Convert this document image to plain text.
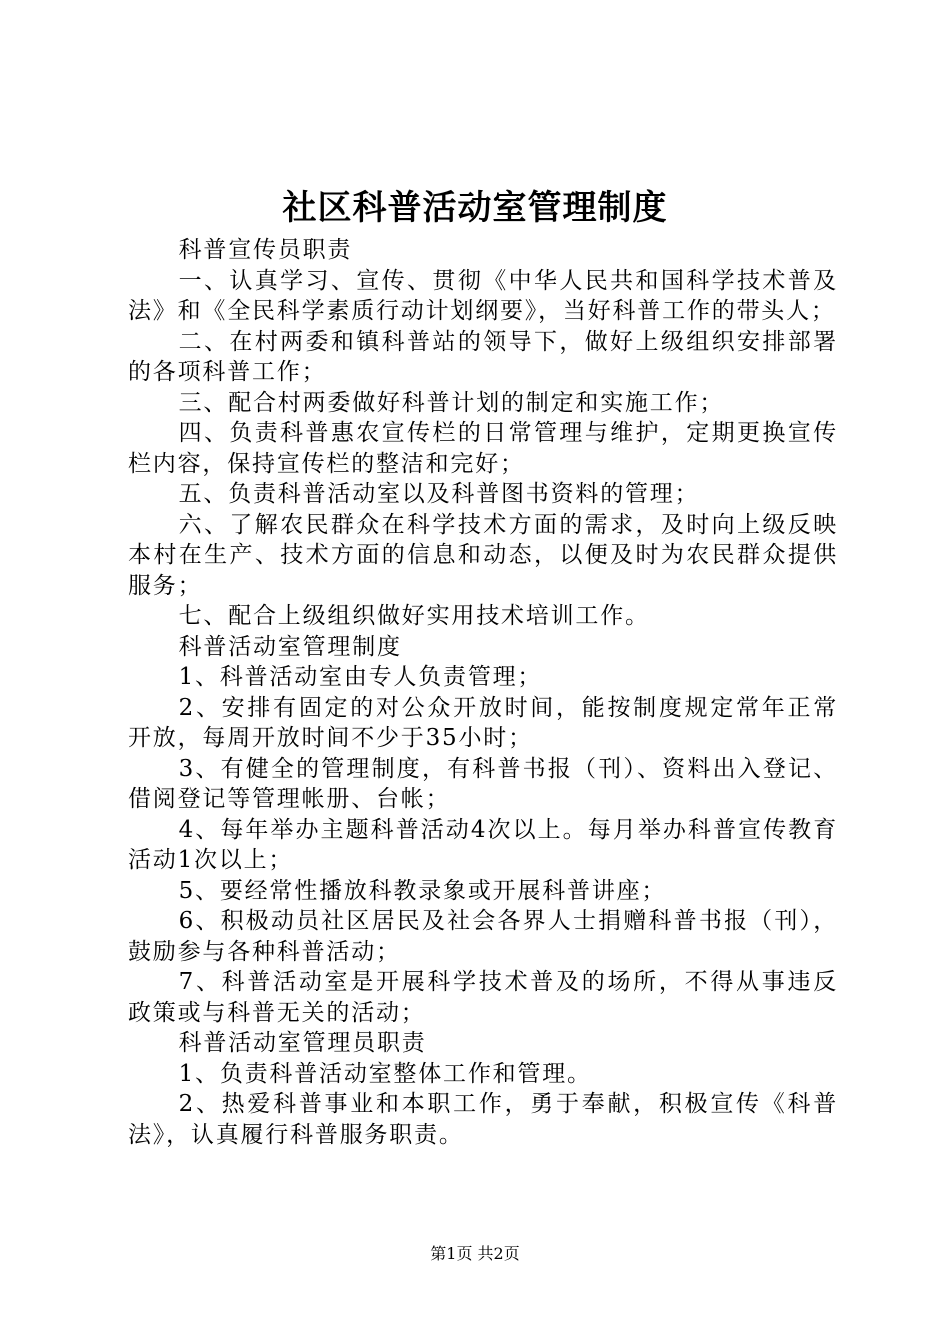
社区科普活动室管理制度

科普宣传员职责

一、认真学习、宣传、贯彻《中华人民共和国科学技术普及法》和《全民科学素质行动计划纲要》，当好科普工作的带头人；

二、在村两委和镇科普站的领导下，做好上级组织安排部署的各项科普工作；

三、配合村两委做好科普计划的制定和实施工作；

四、负责科普惠农宣传栏的日常管理与维护，定期更换宣传栏内容，保持宣传栏的整洁和完好；

五、负责科普活动室以及科普图书资料的管理；

六、了解农民群众在科学技术方面的需求，及时向上级反映本村在生产、技术方面的信息和动态，以便及时为农民群众提供服务；

七、配合上级组织做好实用技术培训工作。

科普活动室管理制度

1、科普活动室由专人负责管理；

2、安排有固定的对公众开放时间，能按制度规定常年正常开放，每周开放时间不少于35小时；

3、有健全的管理制度，有科普书报（刊）、资料出入登记、借阅登记等管理帐册、台帐；

4、每年举办主题科普活动4次以上。每月举办科普宣传教育活动1次以上；

5、要经常性播放科教录象或开展科普讲座；

6、积极动员社区居民及社会各界人士捐赠科普书报（刊），鼓励参与各种科普活动；

7、科普活动室是开展科学技术普及的场所，不得从事违反政策或与科普无关的活动；

科普活动室管理员职责

1、负责科普活动室整体工作和管理。

2、热爱科普事业和本职工作，勇于奉献，积极宣传《科普法》，认真履行科普服务职责。

第1页 共2页
